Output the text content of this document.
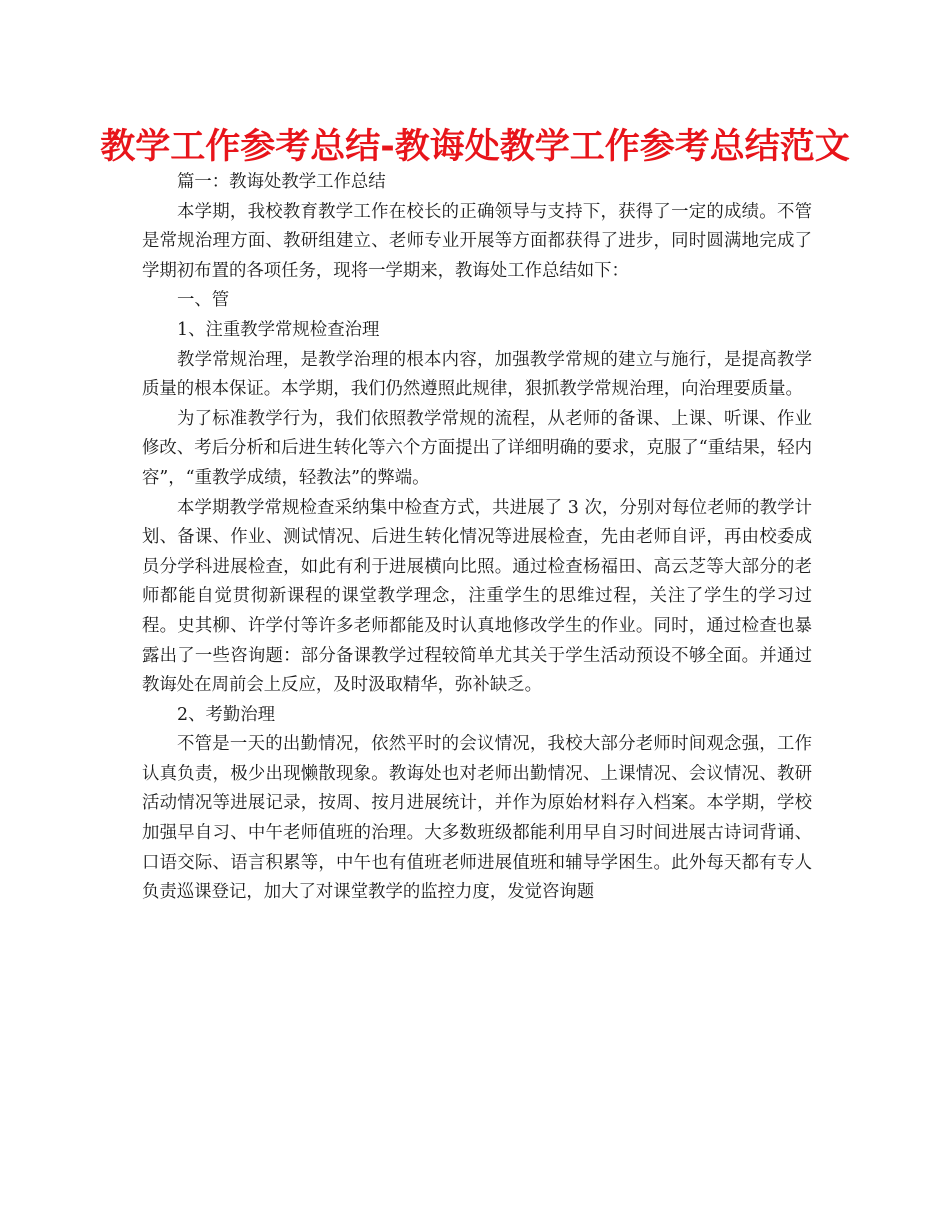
教学工作参考总结-教诲处教学工作参考总结范文

篇一：教诲处教学工作总结

本学期，我校教育教学工作在校长的正确领导与支持下，获得了一定的成绩。不管是常规治理方面、教研组建立、老师专业开展等方面都获得了进步，同时圆满地完成了学期初布置的各项任务，现将一学期来，教诲处工作总结如下：

一、管

1、注重教学常规检查治理

教学常规治理，是教学治理的根本内容，加强教学常规的建立与施行，是提高教学质量的根本保证。本学期，我们仍然遵照此规律，狠抓教学常规治理，向治理要质量。

为了标准教学行为，我们依照教学常规的流程，从老师的备课、上课、听课、作业修改、考后分析和后进生转化等六个方面提出了详细明确的要求，克服了“重结果，轻内容”，“重教学成绩，轻教法”的弊端。

本学期教学常规检查采纳集中检查方式，共进展了 3 次，分别对每位老师的教学计划、备课、作业、测试情况、后进生转化情况等进展检查，先由老师自评，再由校委成员分学科进展检查，如此有利于进展横向比照。通过检查杨福田、高云芝等大部分的老师都能自觉贯彻新课程的课堂教学理念，注重学生的思维过程，关注了学生的学习过程。史其柳、许学付等许多老师都能及时认真地修改学生的作业。同时，通过检查也暴露出了一些咨询题：部分备课教学过程较简单尤其关于学生活动预设不够全面。并通过教诲处在周前会上反应，及时汲取精华，弥补缺乏。

2、考勤治理

不管是一天的出勤情况，依然平时的会议情况，我校大部分老师时间观念强，工作认真负责，极少出现懒散现象。教诲处也对老师出勤情况、上课情况、会议情况、教研活动情况等进展记录，按周、按月进展统计，并作为原始材料存入档案。本学期，学校加强早自习、中午老师值班的治理。大多数班级都能利用早自习时间进展古诗词背诵、口语交际、语言积累等，中午也有值班老师进展值班和辅导学困生。此外每天都有专人负责巡课登记，加大了对课堂教学的监控力度，发觉咨询题
